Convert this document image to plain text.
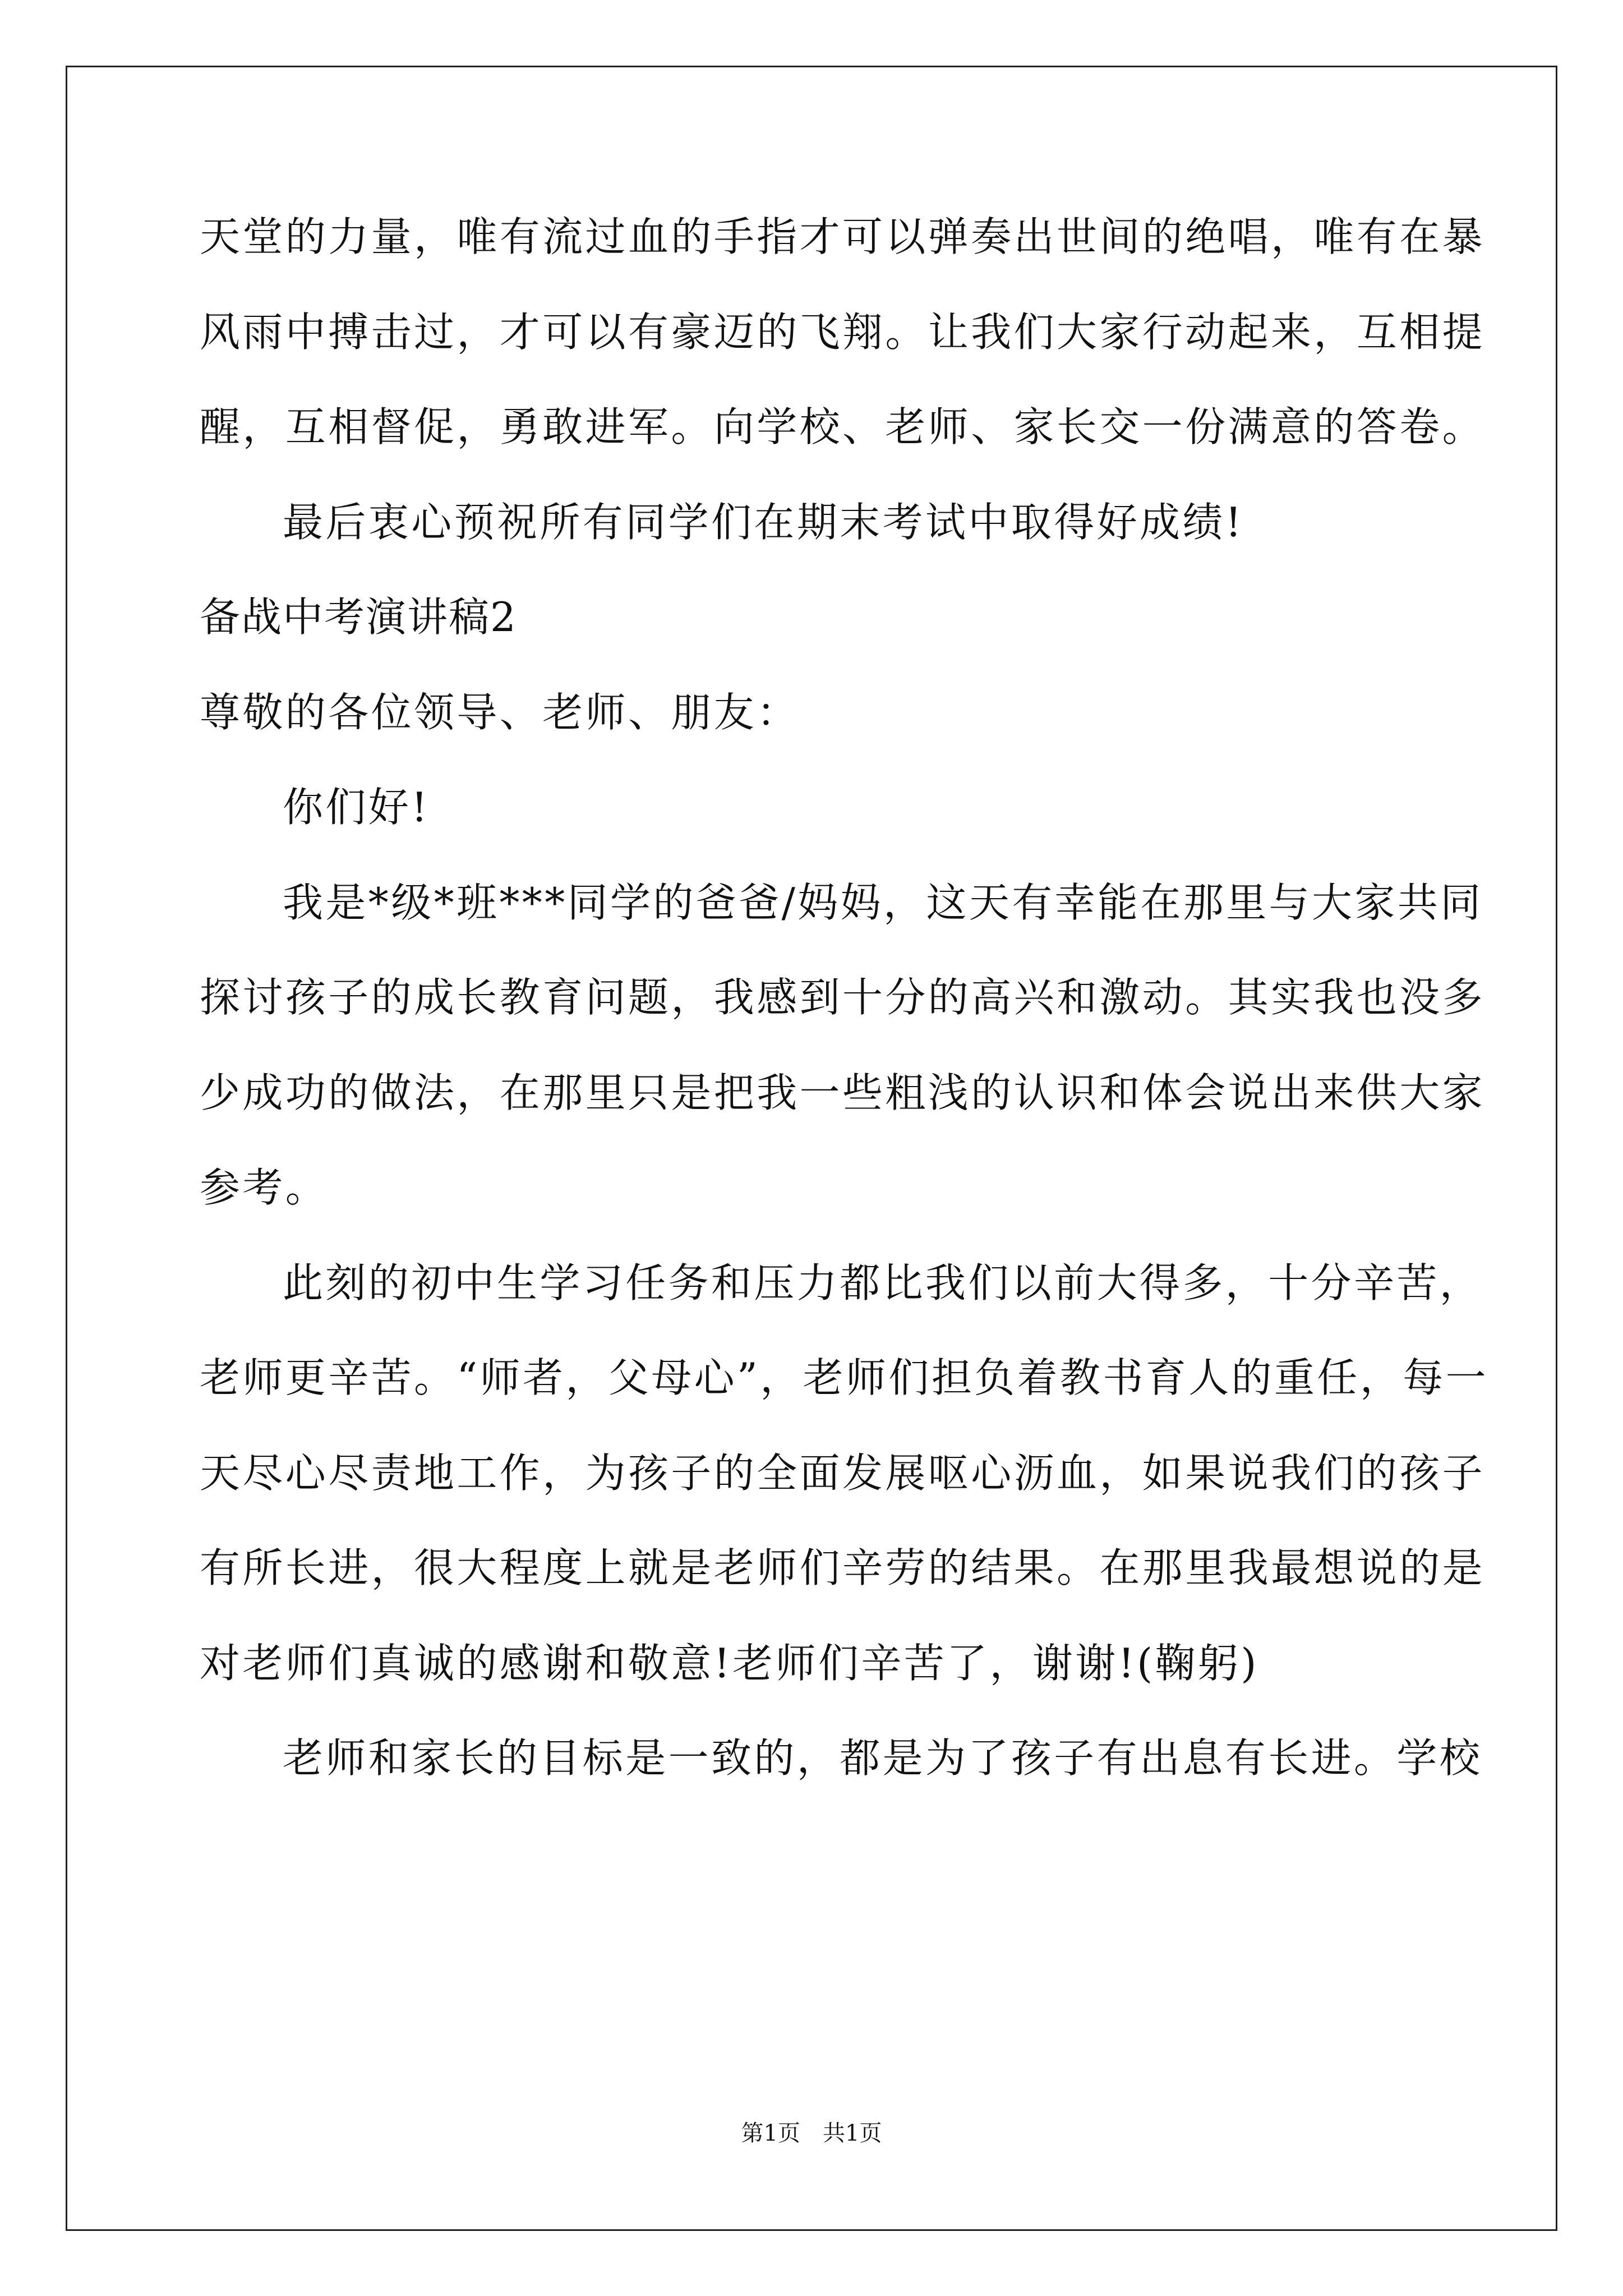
天堂的力量，唯有流过血的手指才可以弹奏出世间的绝唱，唯有在暴
风雨中搏击过，才可以有豪迈的飞翔。让我们大家行动起来，互相提
醒，互相督促，勇敢进军。向学校、老师、家长交一份满意的答卷。
最后衷心预祝所有同学们在期末考试中取得好成绩!
备战中考演讲稿2
尊敬的各位领导、老师、朋友：
你们好!
我是*级*班***同学的爸爸/妈妈，这天有幸能在那里与大家共同
探讨孩子的成长教育问题，我感到十分的高兴和激动。其实我也没多
少成功的做法，在那里只是把我一些粗浅的认识和体会说出来供大家
参考。
此刻的初中生学习任务和压力都比我们以前大得多，十分辛苦，
老师更辛苦。“师者，父母心”，老师们担负着教书育人的重任，每一
天尽心尽责地工作，为孩子的全面发展呕心沥血，如果说我们的孩子
有所长进，很大程度上就是老师们辛劳的结果。在那里我最想说的是
对老师们真诚的感谢和敬意!老师们辛苦了，谢谢!(鞠躬)
老师和家长的目标是一致的，都是为了孩子有出息有长进。学校
第1页　共1页
